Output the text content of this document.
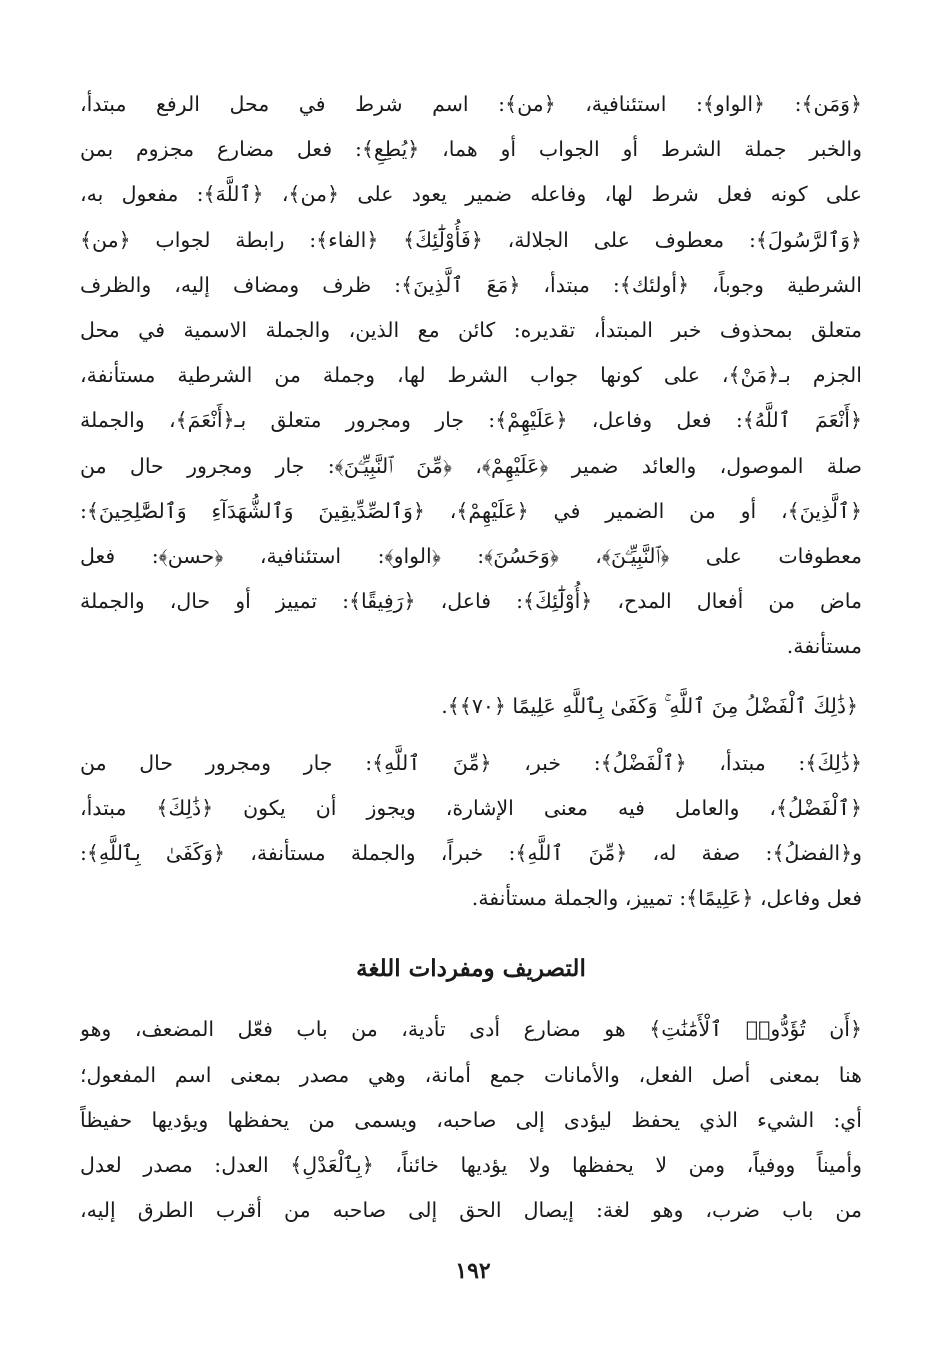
﴿وَمَن﴾: ﴿الواو﴾: استئنافية، ﴿من﴾: اسم شرط في محل الرفع مبتدأ،
والخبر جملة الشرط أو الجواب أو هما، ﴿يُطِعِ﴾: فعل مضارع مجزوم بمن
على كونه فعل شرط لها، وفاعله ضمير يعود على ﴿من﴾، ﴿ٱللَّهَ﴾: مفعول به،
﴿وَٱلرَّسُولَ﴾: معطوف على الجلالة، ﴿فَأُوْلَٰٓئِكَ﴾ ﴿الفاء﴾: رابطة لجواب ﴿من﴾
الشرطية وجوباً، ﴿أولئك﴾: مبتدأ، ﴿مَعَ ٱلَّذِينَ﴾: ظرف ومضاف إليه، والظرف
متعلق بمحذوف خبر المبتدأ، تقديره: كائن مع الذين، والجملة الاسمية في محل
الجزم بـ﴿مَنْ﴾، على كونها جواب الشرط لها، وجملة من الشرطية مستأنفة،
﴿أَنْعَمَ ٱللَّهُ﴾: فعل وفاعل، ﴿عَلَيْهِمْ﴾: جار ومجرور متعلق بـ﴿أَنْعَمَ﴾، والجملة
صلة الموصول، والعائد ضمير ﴿عَلَيْهِمْ﴾، ﴿مِّنَ ٱلنَّبِيِّـۧنَ﴾: جار ومجرور حال من
﴿ٱلَّذِينَ﴾، أو من الضمير في ﴿عَلَيْهِمْ﴾، ﴿وَٱلصِّدِّيقِينَ وَٱلشُّهَدَآءِ وَٱلصَّٰلِحِينَ﴾:
معطوفات على ﴿ٱلنَّبِيِّـۧنَ﴾، ﴿وَحَسُنَ﴾: ﴿الواو﴾: استئنافية، ﴿حسن﴾: فعل
ماض من أفعال المدح، ﴿أُوْلَٰٓئِكَ﴾: فاعل، ﴿رَفِيقًا﴾: تمييز أو حال، والجملة
مستأنفة.

﴿ذَٰلِكَ ٱلْفَضْلُ مِنَ ٱللَّهِ ۚ وَكَفَىٰ بِٱللَّهِ عَلِيمًا ﴿٧٠﴾﴾.

﴿ذَٰلِكَ﴾: مبتدأ، ﴿ٱلْفَضْلُ﴾: خبر، ﴿مِّنَ ٱللَّهِ﴾: جار ومجرور حال من
﴿ٱلْفَضْلُ﴾، والعامل فيه معنى الإشارة، ويجوز أن يكون ﴿ذَٰلِكَ﴾ مبتدأ،
و﴿الفضلُ﴾: صفة له، ﴿مِّنَ ٱللَّهِ﴾: خبراً، والجملة مستأنفة، ﴿وَكَفَىٰ بِٱللَّهِ﴾:
فعل وفاعل، ﴿عَلِيمًا﴾: تمييز، والجملة مستأنفة.
التصريف ومفردات اللغة
﴿أَن تُؤَدُّوا۟ ٱلْأَمَٰنَٰتِ﴾ هو مضارع أدى تأدية، من باب فعّل المضعف، وهو
هنا بمعنى أصل الفعل، والأمانات جمع أمانة، وهي مصدر بمعنى اسم المفعول؛
أي: الشيء الذي يحفظ ليؤدى إلى صاحبه، ويسمى من يحفظها ويؤديها حفيظاً
وأميناً ووفياً، ومن لا يحفظها ولا يؤديها خائناً، ﴿بِٱلْعَدْلِ﴾ العدل: مصدر لعدل
من باب ضرب، وهو لغة: إيصال الحق إلى صاحبه من أقرب الطرق إليه،
١٩٢
